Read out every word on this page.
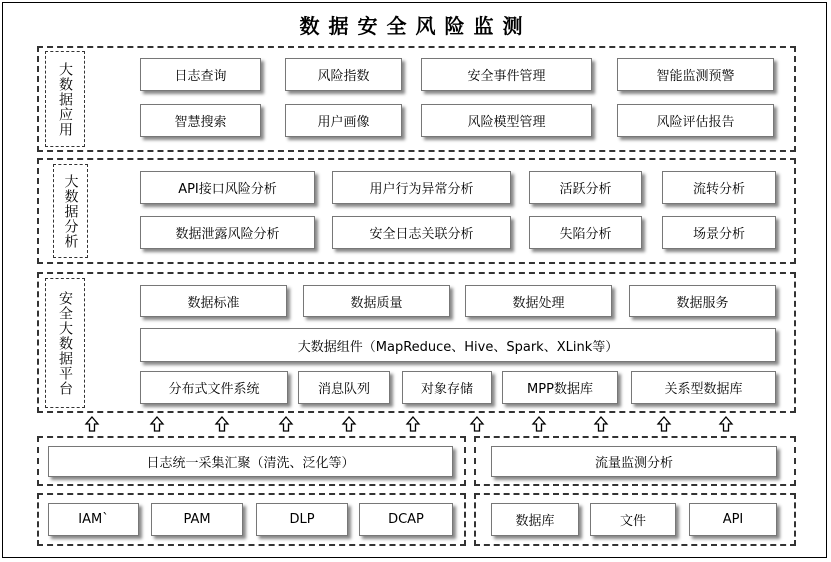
数据安全风险监测
大数据应用	日志查询	风险指数	安全事件管理	智能监测预警
智慧搜索	用户画像	风险模型管理	风险评估报告
大数据分析	API接口风险分析	用户行为异常分析	活跃分析	流转分析
数据泄露风险分析	安全日志关联分析	失陷分析	场景分析
安全大数据平台	数据标准	数据质量	数据处理	数据服务
大数据组件（MapReduce、Hive、Spark、XLink等）
分布式文件系统	消息队列	对象存储	MPP数据库	关系型数据库
日志统一采集汇聚（清洗、泛化等）	流量监测分析
IAM`	PAM	DLP	DCAP	数据库	文件	API
